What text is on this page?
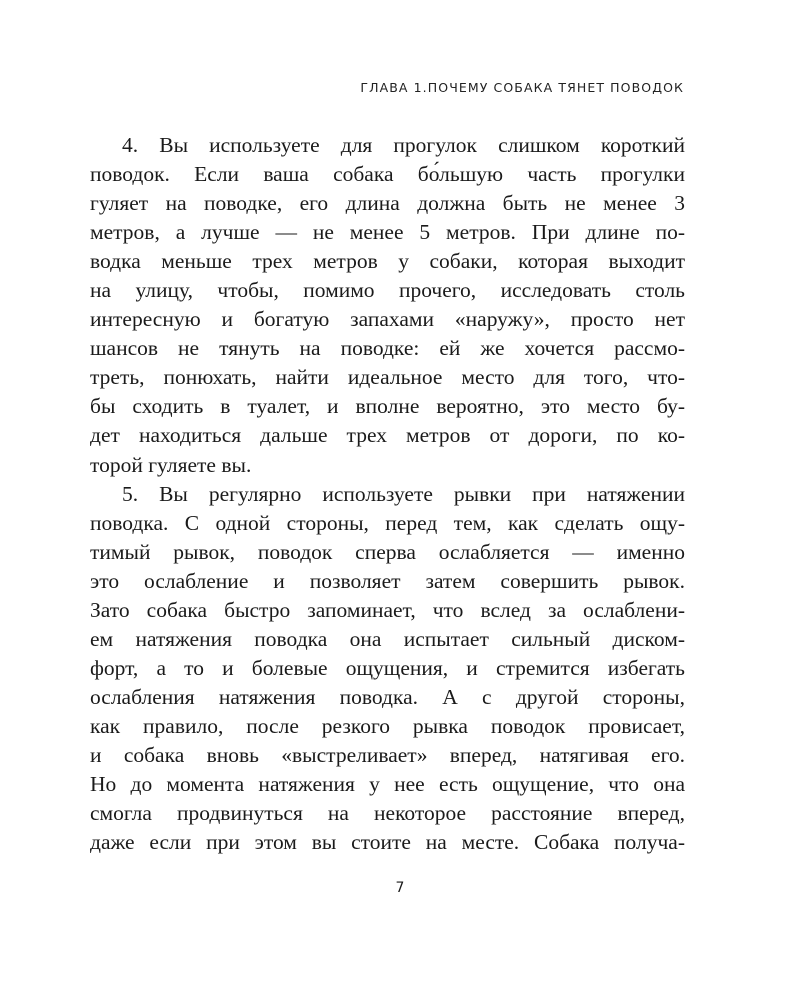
ГЛАВА 1.ПОЧЕМУ СОБАКА ТЯНЕТ ПОВОДОК

4. Вы используете для прогулок слишком короткий
поводок. Если ваша собака бо́льшую часть прогулки
гуляет на поводке, его длина должна быть не менее 3
метров, а лучше — не менее 5 метров. При длине по-
водка меньше трех метров у собаки, которая выходит
на улицу, чтобы, помимо прочего, исследовать столь
интересную и богатую запахами «наружу», просто нет
шансов не тянуть на поводке: ей же хочется рассмо-
треть, понюхать, найти идеальное место для того, что-
бы сходить в туалет, и вполне вероятно, это место бу-
дет находиться дальше трех метров от дороги, по ко-
торой гуляете вы.

5. Вы регулярно используете рывки при натяжении
поводка. С одной стороны, перед тем, как сделать ощу-
тимый рывок, поводок сперва ослабляется — именно
это ослабление и позволяет затем совершить рывок.
Зато собака быстро запоминает, что вслед за ослаблени-
ем натяжения поводка она испытает сильный диском-
форт, а то и болевые ощущения, и стремится избегать
ослабления натяжения поводка. А с другой стороны,
как правило, после резкого рывка поводок провисает,
и собака вновь «выстреливает» вперед, натягивая его.
Но до момента натяжения у нее есть ощущение, что она
смогла продвинуться на некоторое расстояние вперед,
даже если при этом вы стоите на месте. Собака получа-

7
